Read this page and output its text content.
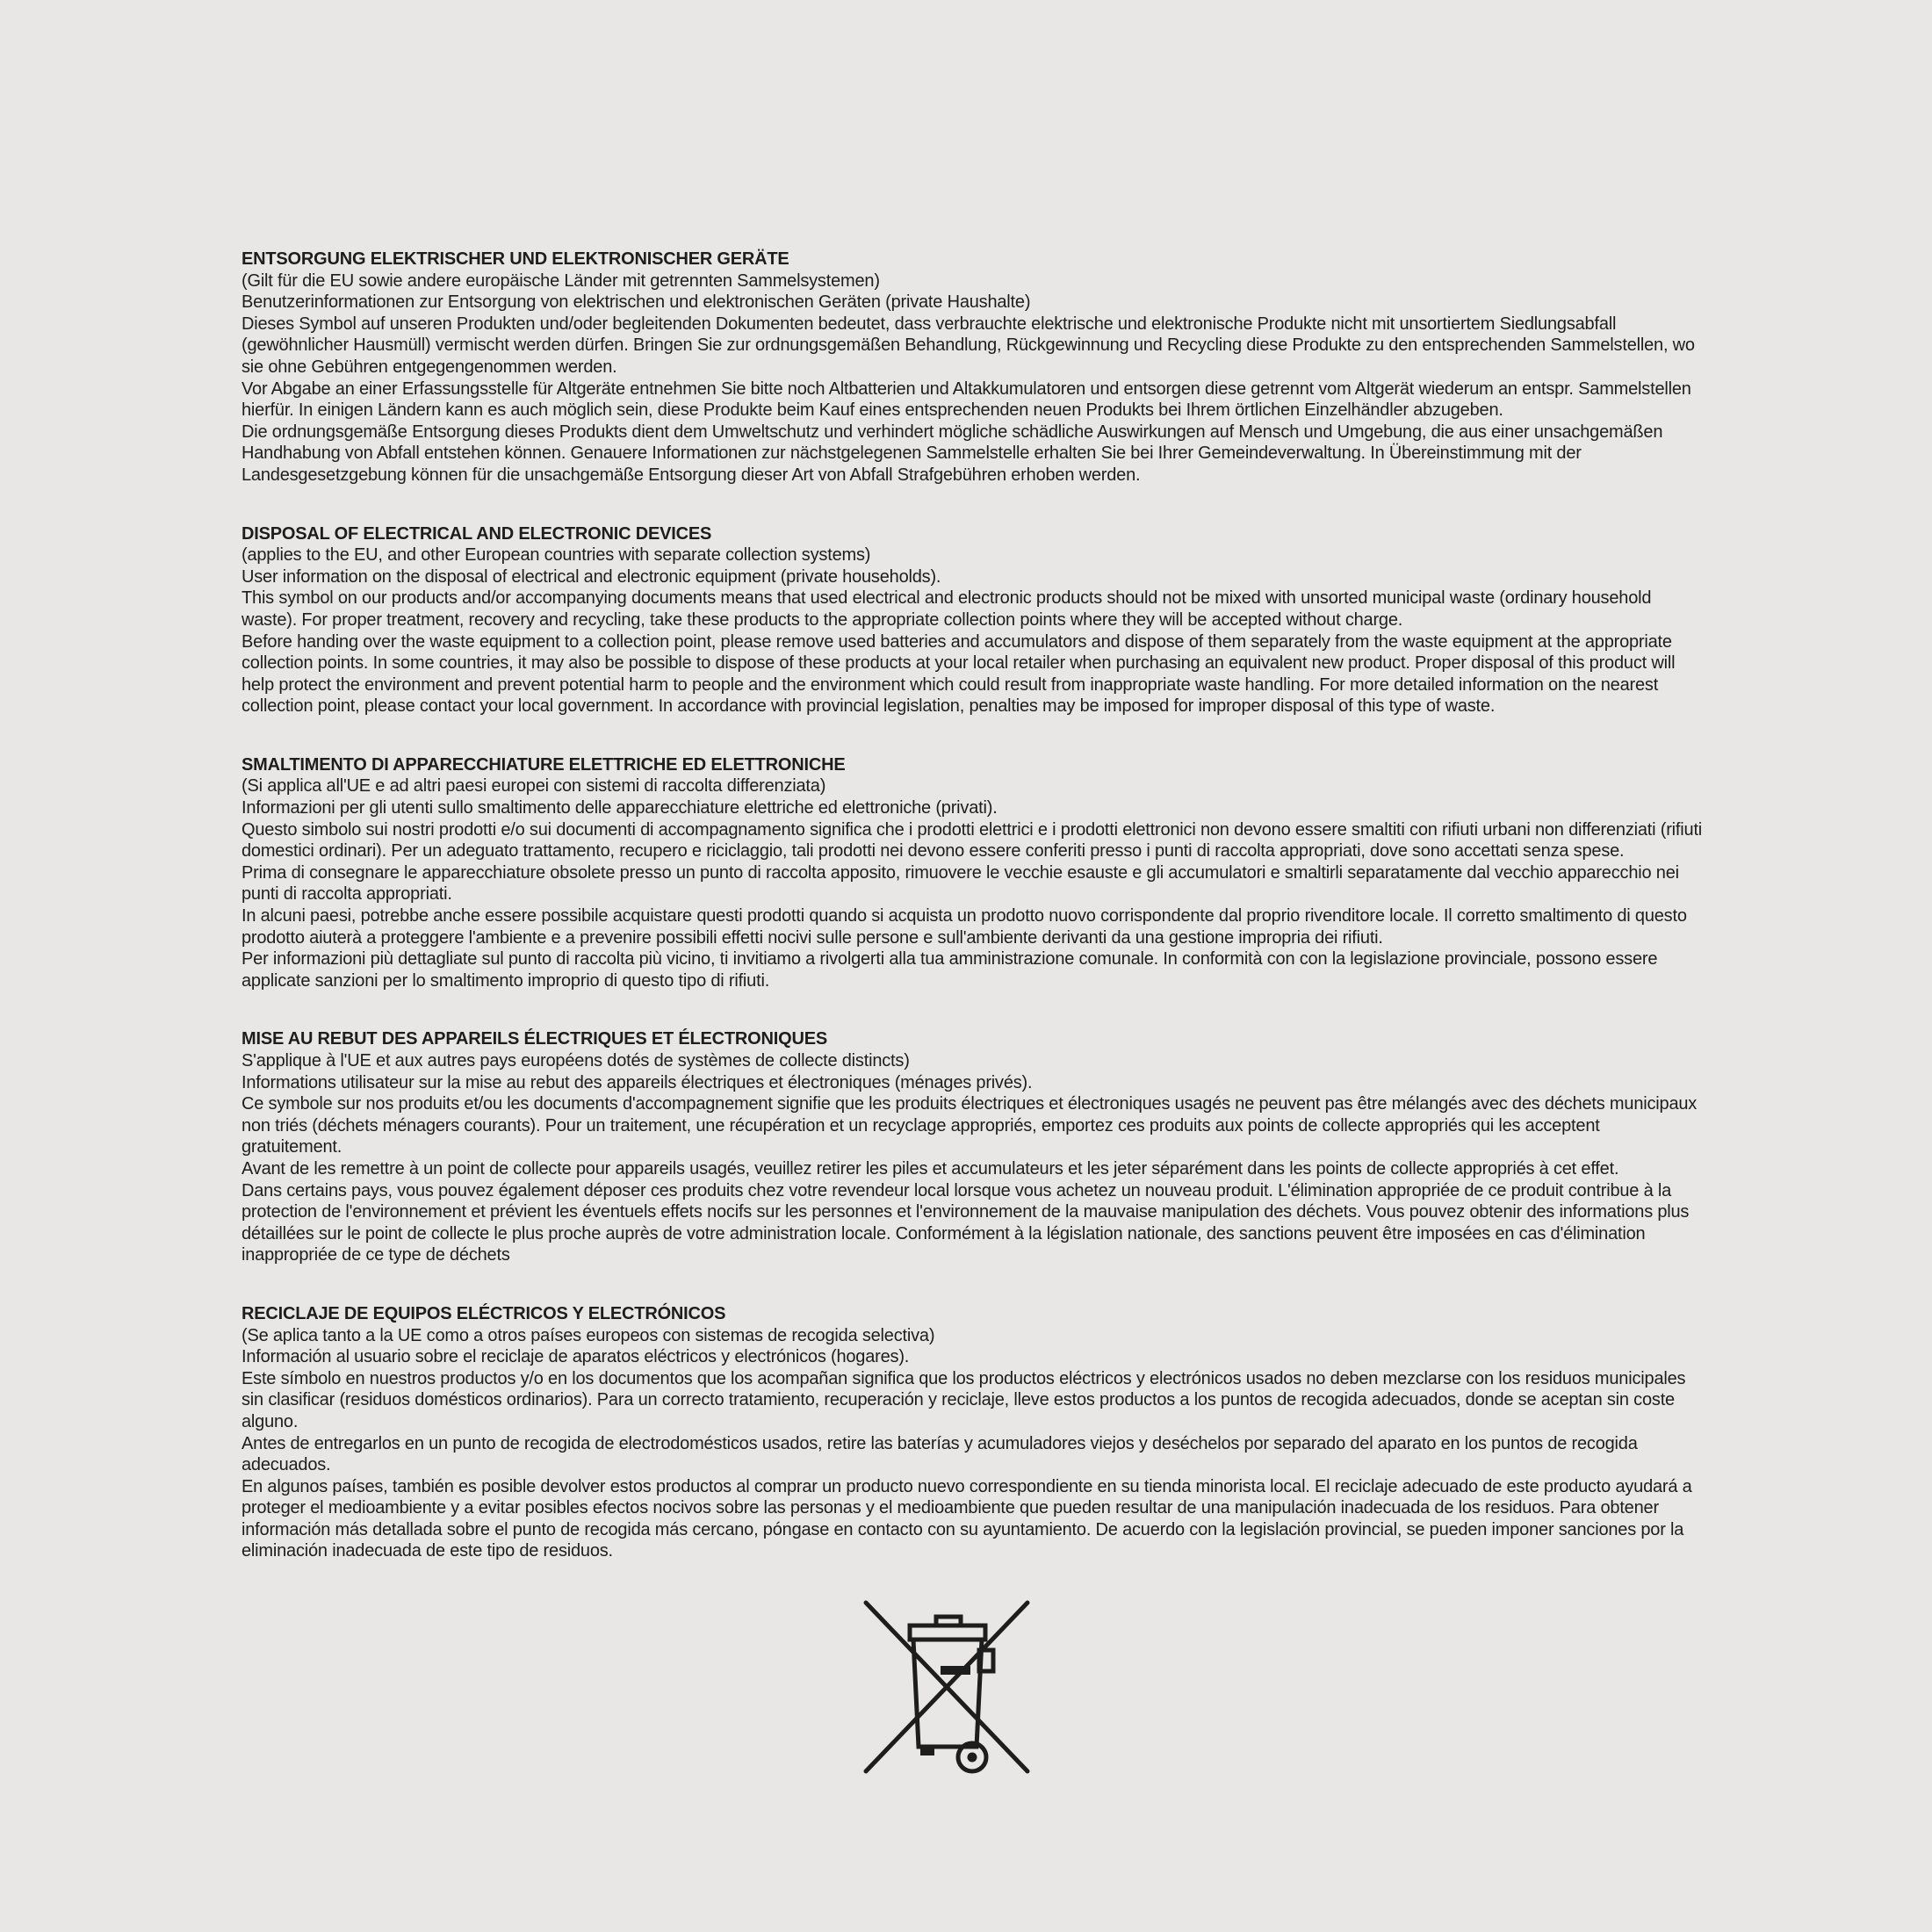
ENTSORGUNG ELEKTRISCHER UND ELEKTRONISCHER GERÄTE

(Gilt für die EU sowie andere europäische Länder mit getrennten Sammelsystemen)

Benutzerinformationen zur Entsorgung von elektrischen und elektronischen Geräten (private Haushalte)

Dieses Symbol auf unseren Produkten und/oder begleitenden Dokumenten bedeutet, dass verbrauchte elektrische und elektronische Produkte nicht mit unsortiertem Siedlungsabfall (gewöhnlicher Hausmüll) vermischt werden dürfen. Bringen Sie zur ordnungsgemäßen Behandlung, Rückgewinnung und Recycling diese Produkte zu den entsprechenden Sammelstellen, wo sie ohne Gebühren entgegengenommen werden.

Vor Abgabe an einer Erfassungsstelle für Altgeräte entnehmen Sie bitte noch Altbatterien und Altakkumulatoren und entsorgen diese getrennt vom Altgerät wiederum an entspr. Sammelstellen hierfür. In einigen Ländern kann es auch möglich sein, diese Produkte beim Kauf eines entsprechenden neuen Produkts bei Ihrem örtlichen Einzelhändler abzugeben.

Die ordnungsgemäße Entsorgung dieses Produkts dient dem Umweltschutz und verhindert mögliche schädliche Auswirkungen auf Mensch und Umgebung, die aus einer unsachgemäßen Handhabung von Abfall entstehen können. Genauere Informationen zur nächstgelegenen Sammelstelle erhalten Sie bei Ihrer Gemeindeverwaltung. In Übereinstimmung mit der Landesgesetzgebung können für die unsachgemäße Entsorgung dieser Art von Abfall Strafgebühren erhoben werden.

DISPOSAL OF ELECTRICAL AND ELECTRONIC DEVICES

(applies to the EU, and other European countries with separate collection systems)

User information on the disposal of electrical and electronic equipment (private households).

This symbol on our products and/or accompanying documents means that used electrical and electronic products should not be mixed with unsorted municipal waste (ordinary household waste). For proper treatment, recovery and recycling, take these products to the appropriate collection points where they will be accepted without charge.

Before handing over the waste equipment to a collection point, please remove used batteries and accumulators and dispose of them separately from the waste equipment at the appropriate collection points. In some countries, it may also be possible to dispose of these products at your local retailer when purchasing an equivalent new product. Proper disposal of this product will help protect the environment and prevent potential harm to people and the environment which could result from inappropriate waste handling. For more detailed information on the nearest collection point, please contact your local government. In accordance with provincial legislation, penalties may be imposed for improper disposal of this type of waste.

SMALTIMENTO DI APPARECCHIATURE ELETTRICHE ED ELETTRONICHE

(Si applica all'UE e ad altri paesi europei con sistemi di raccolta differenziata)

Informazioni per gli utenti sullo smaltimento delle apparecchiature elettriche ed elettroniche (privati).

Questo simbolo sui nostri prodotti e/o sui documenti di accompagnamento significa che i prodotti elettrici e i prodotti elettronici non devono essere smaltiti con rifiuti urbani non differenziati (rifiuti domestici ordinari). Per un adeguato trattamento, recupero e riciclaggio, tali prodotti nei devono essere conferiti presso i punti di raccolta appropriati, dove sono accettati senza spese.

Prima di consegnare le apparecchiature obsolete presso un punto di raccolta apposito, rimuovere le vecchie esauste e gli accumulatori e smaltirli separatamente dal vecchio apparecchio nei punti di raccolta appropriati.

In alcuni paesi, potrebbe anche essere possibile acquistare questi prodotti quando si acquista un prodotto nuovo corrispondente dal proprio rivenditore locale. Il corretto smaltimento di questo prodotto aiuterà a proteggere l'ambiente e a prevenire possibili effetti nocivi sulle persone e sull'ambiente derivanti da una gestione impropria dei rifiuti.

Per informazioni più dettagliate sul punto di raccolta più vicino, ti invitiamo a rivolgerti alla tua amministrazione comunale. In conformità con con la legislazione provinciale, possono essere applicate sanzioni per lo smaltimento improprio di questo tipo di rifiuti.

MISE AU REBUT DES APPAREILS ÉLECTRIQUES ET ÉLECTRONIQUES

S'applique à l'UE et aux autres pays européens dotés de systèmes de collecte distincts)

Informations utilisateur sur la mise au rebut des appareils électriques et électroniques (ménages privés).

Ce symbole sur nos produits et/ou les documents d'accompagnement signifie que les produits électriques et électroniques usagés ne peuvent pas être mélangés avec des déchets municipaux non triés (déchets ménagers courants). Pour un traitement, une récupération et un recyclage appropriés, emportez ces produits aux points de collecte appropriés qui les acceptent gratuitement.

Avant de les remettre à un point de collecte pour appareils usagés, veuillez retirer les piles et accumulateurs et les jeter séparément dans les points de collecte appropriés à cet effet.

Dans certains pays, vous pouvez également déposer ces produits chez votre revendeur local lorsque vous achetez un nouveau produit. L'élimination appropriée de ce produit contribue à la protection de l'environnement et prévient les éventuels effets nocifs sur les personnes et l'environnement de la mauvaise manipulation des déchets. Vous pouvez obtenir des informations plus détaillées sur le point de collecte le plus proche auprès de votre administration locale. Conformément à la législation nationale, des sanctions peuvent être imposées en cas d'élimination inappropriée de ce type de déchets

RECICLAJE DE EQUIPOS ELÉCTRICOS Y ELECTRÓNICOS

(Se aplica tanto a la UE como a otros países europeos con sistemas de recogida selectiva)

Información al usuario sobre el reciclaje de aparatos eléctricos y electrónicos (hogares).

Este símbolo en nuestros productos y/o en los documentos que los acompañan significa que los productos eléctricos y electrónicos usados no deben mezclarse con los residuos municipales sin clasificar (residuos domésticos ordinarios). Para un correcto tratamiento, recuperación y reciclaje, lleve estos productos a los puntos de recogida adecuados, donde se aceptan sin coste alguno.

Antes de entregarlos en un punto de recogida de electrodomésticos usados, retire las baterías y acumuladores viejos y deséchelos por separado del aparato en los puntos de recogida adecuados.

En algunos países, también es posible devolver estos productos al comprar un producto nuevo correspondiente en su tienda minorista local. El reciclaje adecuado de este producto ayudará a proteger el medioambiente y a evitar posibles efectos nocivos sobre las personas y el medioambiente que pueden resultar de una manipulación inadecuada de los residuos. Para obtener información más detallada sobre el punto de recogida más cercano, póngase en contacto con su ayuntamiento. De acuerdo con la legislación provincial, se pueden imponer sanciones por la eliminación inadecuada de este tipo de residuos.
